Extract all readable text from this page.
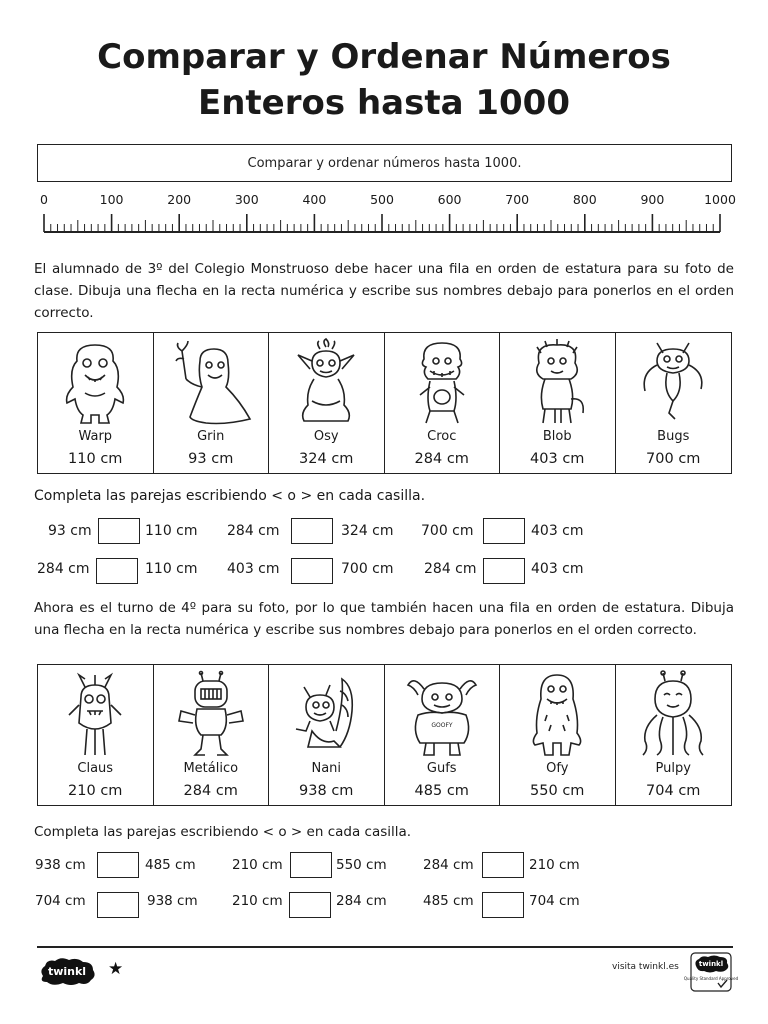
Comparar y Ordenar Números
Enteros hasta 1000
Comparar y ordenar números hasta 1000.
0	100	200	300	400	500	600	700	800	900	1000
El alumnado de 3º del Colegio Monstruoso debe hacer una fila en orden de estatura para su foto de clase. Dibuja una flecha en la recta numérica y escribe sus nombres debajo para ponerlos en el orden correcto.
Warp
110 cm
Grin
93 cm
Osy
324 cm
Croc
284 cm
Blob
403 cm
Bugs
700 cm
Completa las parejas escribiendo < o > en cada casilla.
93 cm	110 cm 284 cm	324 cm 700 cm	403 cm
284 cm	110 cm 403 cm	700 cm 284 cm	403 cm
Ahora es el turno de 4º para su foto, por lo que también hacen una fila en orden de estatura. Dibuja una flecha en la recta numérica y escribe sus nombres debajo para ponerlos en el orden correcto.
Claus
210 cm
Metálico
284 cm
Nani
938 cm
GOOFY
Gufs
485 cm
Ofy
550 cm
Pulpy
704 cm
Completa las parejas escribiendo < o > en cada casilla.
938 cm	485 cm	210 cm	550 cm	284 cm	210 cm
704 cm	938 cm	210 cm	284 cm	485 cm	704 cm
twinkl ★	visita twinkl.es	twinkl
Quality Standard Approved
